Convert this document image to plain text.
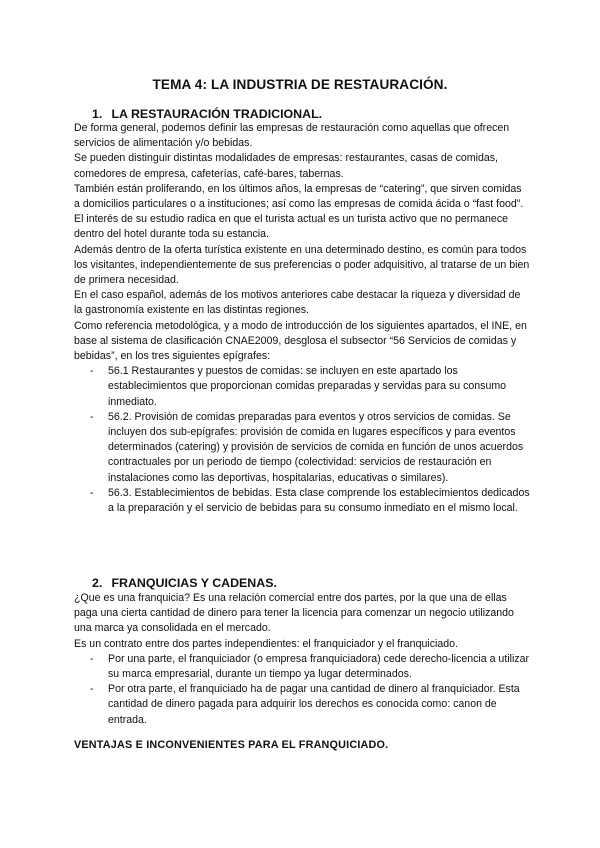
TEMA 4: LA INDUSTRIA DE RESTAURACIÓN.
1. LA RESTAURACIÓN TRADICIONAL.

De forma general, podemos definir las empresas de restauración como aquellas que ofrecen servicios de alimentación y/o bebidas.

Se pueden distinguir distintas modalidades de empresas: restaurantes, casas de comidas, comedores de empresa, cafeterías, café-bares, tabernas.

También están proliferando, en los últimos años, la empresas de “catering”, que sirven comidas a domicilios particulares o a instituciones; así como las empresas de comida ácida o “fast food”.

El interés de su estudio radica en que el turista actual es un turista activo que no permanece dentro del hotel durante toda su estancia.

Además dentro de la oferta turística existente en una determinado destino, es común para todos los visitantes, independientemente de sus preferencias o poder adquisitivo, al tratarse de un bien de primera necesidad.

En el caso español, además de los motivos anteriores cabe destacar la riqueza y diversidad de la gastronomía existente en las distintas regiones.

Como referencia metodológica, y a modo de introducción de los siguientes apartados, el INE, en base al sistema de clasificación CNAE2009, desglosa el subsector “56 Servicios de comidas y bebidas”, en los tres siguientes epígrafes:

- 56.1 Restaurantes y puestos de comidas: se incluyen en este apartado los establecimientos que proporcionan comidas preparadas y servidas para su consumo inmediato.
- 56.2. Provisión de comidas preparadas para eventos y otros servicios de comidas. Se incluyen dos sub-epígrafes: provisión de comida en lugares específicos y para eventos determinados (catering) y provisión de servicios de comida en función de unos acuerdos contractuales por un periodo de tiempo (colectividad: servicios de restauración en instalaciones como las deportivas, hospitalarias, educativas o similares).
- 56.3. Establecimientos de bebidas. Esta clase comprende los establecimientos dedicados a la preparación y el servicio de bebidas para su consumo inmediato en el mismo local.
2. FRANQUICIAS Y CADENAS.

¿Que es una franquicia? Es una relación comercial entre dos partes, por la que una de ellas paga una cierta cantidad de dinero para tener la licencia para comenzar un negocio utilizando una marca ya consolidada en el mercado.

Es un contrato entre dos partes independientes: el franquiciador y el franquiciado.

- Por una parte, el franquiciador (o empresa franquiciadora) cede derecho-licencia a utilizar su marca empresarial, durante un tiempo ya lugar determinados.
- Por otra parte, el franquiciado ha de pagar una cantidad de dinero al franquiciador. Esta cantidad de dinero pagada para adquirir los derechos es conocida como: canon de entrada.
VENTAJAS E INCONVENIENTES PARA EL FRANQUICIADO.
